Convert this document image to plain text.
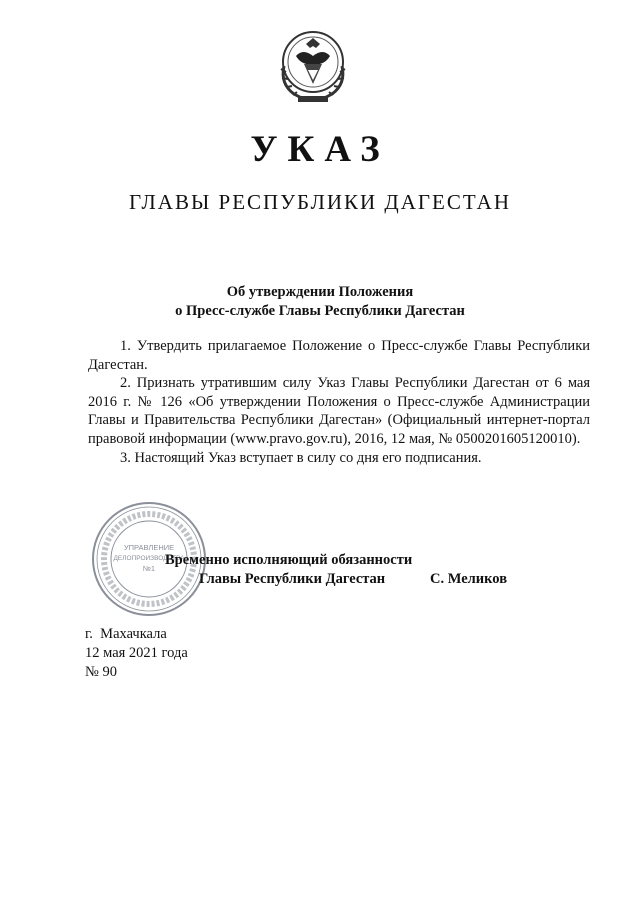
УКАЗ
ГЛАВЫ РЕСПУБЛИКИ ДАГЕСТАН
Об утверждении Положения
о Пресс-службе Главы Республики Дагестан

1. Утвердить прилагаемое Положение о Пресс-службе Главы Республики Дагестан.

2. Признать утратившим силу Указ Главы Республики Дагестан от 6 мая 2016 г. № 126 «Об утверждении Положения о Пресс-службе Администрации Главы и Правительства Республики Дагестан» (Официальный интернет-портал правовой информации (www.pravo.gov.ru), 2016, 12 мая, № 0500201605120010).

3. Настоящий Указ вступает в силу со дня его подписания.

УПРАВЛЕНИЕ
ДЕЛОПРОИЗВОДСТВА
№1
Временно исполняющий обязанности
Главы Республики Дагестан	С. Меликов
г.  Махачкала
12 мая 2021 года
№ 90
